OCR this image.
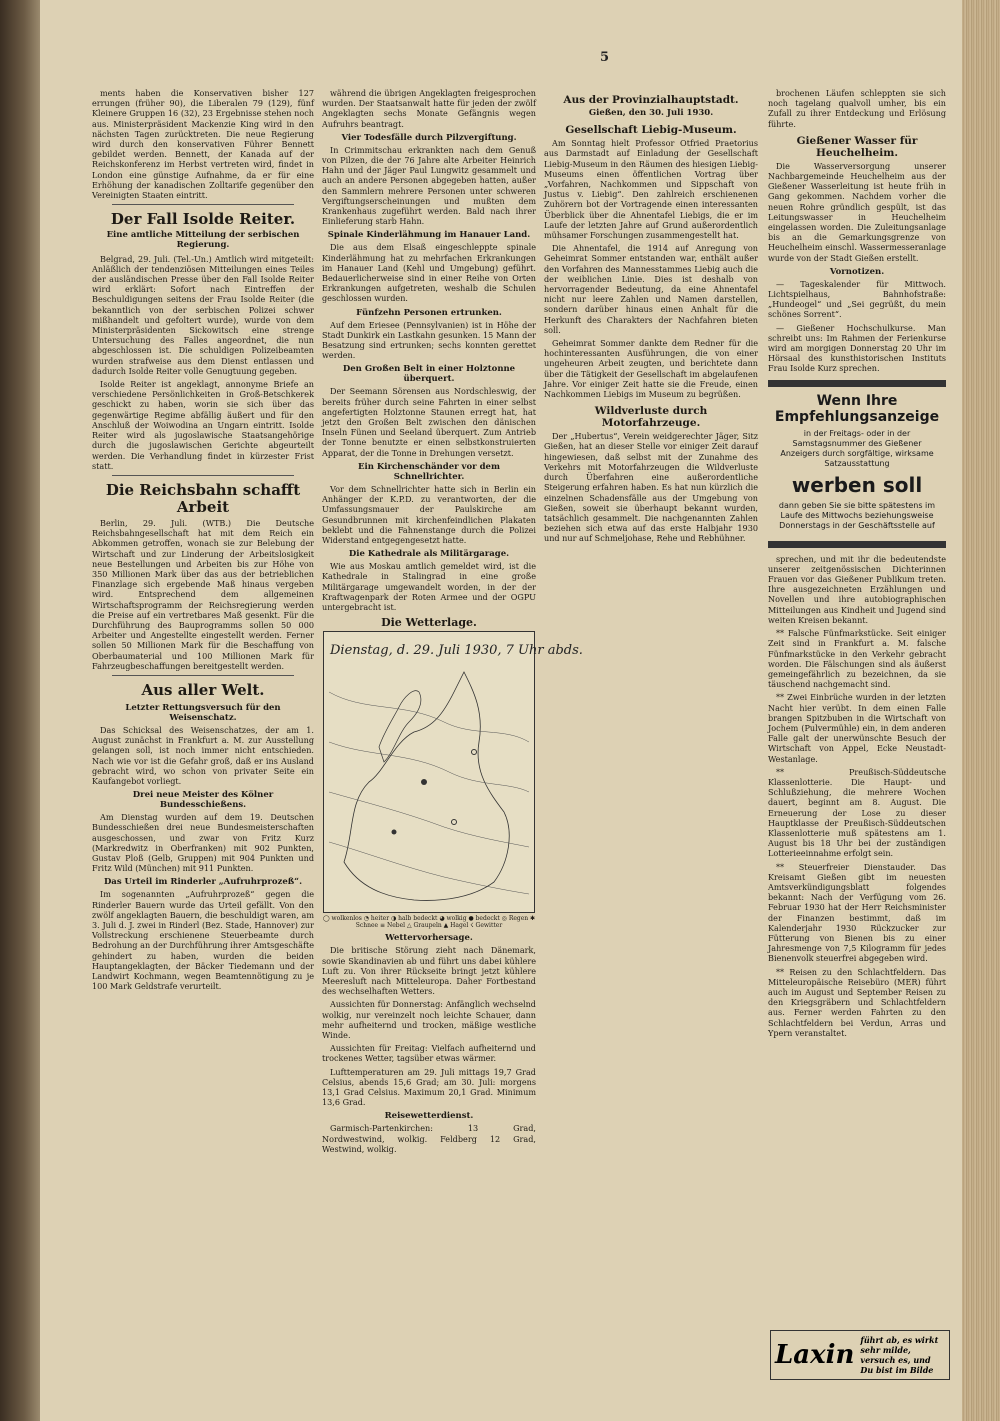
5

ments haben die Konservativen bisher 127 errungen (früher 90), die Liberalen 79 (129), fünf Kleinere Gruppen 16 (32), 23 Ergebnisse stehen noch aus. Ministerpräsident Mackenzie King wird in den nächsten Tagen zurücktreten. Die neue Regierung wird durch den konservativen Führer Bennett gebildet werden. Bennett, der Kanada auf der Reichskonferenz im Herbst vertreten wird, findet in London eine günstige Aufnahme, da er für eine Erhöhung der kanadischen Zolltarife gegenüber den Vereinigten Staaten eintritt.

Der Fall Isolde Reiter.
Eine amtliche Mitteilung der serbischen Regierung.

Belgrad, 29. Juli. (Tel.-Un.) Amtlich wird mitgeteilt: Anläßlich der tendenziösen Mitteilungen eines Teiles der ausländischen Presse über den Fall Isolde Reiter wird erklärt: Sofort nach Eintreffen der Beschuldigungen seitens der Frau Isolde Reiter (die bekanntlich von der serbischen Polizei schwer mißhandelt und gefoltert wurde), wurde von dem Ministerpräsidenten Sickowitsch eine strenge Untersuchung des Falles angeordnet, die nun abgeschlossen ist. Die schuldigen Polizeibeamten wurden strafweise aus dem Dienst entlassen und dadurch Isolde Reiter volle Genugtuung gegeben.

Isolde Reiter ist angeklagt, annonyme Briefe an verschiedene Persönlichkeiten in Groß-Betschkerek geschickt zu haben, worin sie sich über das gegenwärtige Regime abfällig äußert und für den Anschluß der Woiwodina an Ungarn eintritt. Isolde Reiter wird als jugoslawische Staatsangehörige durch die jugoslawischen Gerichte abgeurteilt werden. Die Verhandlung findet in kürzester Frist statt.

Die Reichsbahn schafft Arbeit

Berlin, 29. Juli. (WTB.) Die Deutsche Reichsbahngesellschaft hat mit dem Reich ein Abkommen getroffen, wonach sie zur Belebung der Wirtschaft und zur Linderung der Arbeitslosigkeit neue Bestellungen und Arbeiten bis zur Höhe von 350 Millionen Mark über das aus der betrieblichen Finanzlage sich ergebende Maß hinaus vergeben wird. Entsprechend dem allgemeinen Wirtschaftsprogramm der Reichsregierung werden die Preise auf ein vertretbares Maß gesenkt. Für die Durchführung des Bauprogramms sollen 50 000 Arbeiter und Angestellte eingestellt werden. Ferner sollen 50 Millionen Mark für die Beschaffung von Oberbaumaterial und 100 Millionen Mark für Fahrzeugbeschaffungen bereitgestellt werden.

Aus aller Welt.
Letzter Rettungsversuch für den Weisenschatz.

Das Schicksal des Weisenschatzes, der am 1. August zunächst in Frankfurt a. M. zur Ausstellung gelangen soll, ist noch immer nicht entschieden. Nach wie vor ist die Gefahr groß, daß er ins Ausland gebracht wird, wo schon von privater Seite ein Kaufangebot vorliegt.

Drei neue Meister des Kölner Bundesschießens.

Am Dienstag wurden auf dem 19. Deutschen Bundesschießen drei neue Bundesmeisterschaften ausgeschossen, und zwar von Fritz Kurz (Markredwitz in Oberfranken) mit 902 Punkten, Gustav Ploß (Gelb, Gruppen) mit 904 Punkten und Fritz Wild (München) mit 911 Punkten.

Das Urteil im Rinderler „Aufruhrprozeß“.

Im sogenannten „Aufruhrprozeß“ gegen die Rinderler Bauern wurde das Urteil gefällt. Von den zwölf angeklagten Bauern, die beschuldigt waren, am 3. Juli d. J. zwei in Rinderl (Bez. Stade, Hannover) zur Vollstreckung erschienene Steuerbeamte durch Bedrohung an der Durchführung ihrer Amtsgeschäfte gehindert zu haben, wurden die beiden Hauptangeklagten, der Bäcker Tiedemann und der Landwirt Kochmann, wegen Beamtennötigung zu je 100 Mark Geldstrafe verurteilt.

während die übrigen Angeklagten freigesprochen wurden. Der Staatsanwalt hatte für jeden der zwölf Angeklagten sechs Monate Gefängnis wegen Aufruhrs beantragt.

Vier Todesfälle durch Pilzvergiftung.

In Crimmitschau erkrankten nach dem Genuß von Pilzen, die der 76 Jahre alte Arbeiter Heinrich Hahn und der Jäger Paul Lungwitz gesammelt und auch an andere Personen abgegeben hatten, außer den Sammlern mehrere Personen unter schweren Vergiftungserscheinungen und mußten dem Krankenhaus zugeführt werden. Bald nach ihrer Einlieferung starb Hahn.

Spinale Kinderlähmung im Hanauer Land.

Die aus dem Elsaß eingeschleppte spinale Kinderlähmung hat zu mehrfachen Erkrankungen im Hanauer Land (Kehl und Umgebung) geführt. Bedauerlicherweise sind in einer Reihe von Orten Erkrankungen aufgetreten, weshalb die Schulen geschlossen wurden.

Fünfzehn Personen ertrunken.

Auf dem Eriesee (Pennsylvanien) ist in Höhe der Stadt Dunkirk ein Lastkahn gesunken. 15 Mann der Besatzung sind ertrunken; sechs konnten gerettet werden.

Den Großen Belt in einer Holztonne überquert.

Der Seemann Sörensen aus Nordschleswig, der bereits früher durch seine Fahrten in einer selbst angefertigten Holztonne Staunen erregt hat, hat jetzt den Großen Belt zwischen den dänischen Inseln Fünen und Seeland überquert. Zum Antrieb der Tonne benutzte er einen selbstkonstruierten Apparat, der die Tonne in Drehungen versetzt.

Ein Kirchenschänder vor dem Schnellrichter.

Vor dem Schnellrichter hatte sich in Berlin ein Anhänger der K.P.D. zu verantworten, der die Umfassungsmauer der Paulskirche am Gesundbrunnen mit kirchenfeindlichen Plakaten beklebt und die Fahnenstange durch die Polizei Widerstand entgegengesetzt hatte.

Die Kathedrale als Militärgarage.

Wie aus Moskau amtlich gemeldet wird, ist die Kathedrale in Stalingrad in eine große Militärgarage umgewandelt worden, in der der Kraftwagenpark der Roten Armee und der OGPU untergebracht ist.

Die Wetterlage.
Dienstag, d. 29. Juli 1930, 7 Uhr abds.
◯ wolkenlos ◔ heiter ◑ halb bedeckt ◕ wolkig ● bedeckt ◎ Regen ✱ Schnee ≡ Nebel △ Graupeln ▲ Hagel ☇ Gewitter
Wettervorhersage.

Die britische Störung zieht nach Dänemark, sowie Skandinavien ab und führt uns dabei kühlere Luft zu. Von ihrer Rückseite bringt jetzt kühlere Meeresluft nach Mitteleuropa. Daher Fortbestand des wechselhaften Wetters.

Aussichten für Donnerstag: Anfänglich wechselnd wolkig, nur vereinzelt noch leichte Schauer, dann mehr aufheiternd und trocken, mäßige westliche Winde.

Aussichten für Freitag: Vielfach aufheiternd und trockenes Wetter, tagsüber etwas wärmer.

Lufttemperaturen am 29. Juli mittags 19,7 Grad Celsius, abends 15,6 Grad; am 30. Juli: morgens 13,1 Grad Celsius. Maximum 20,1 Grad. Minimum 13,6 Grad.

Reisewetterdienst.

Garmisch-Partenkirchen: 13 Grad, Nordwestwind, wolkig. Feldberg 12 Grad, Westwind, wolkig.

Aus der Provinzialhauptstadt.
Gießen, den 30. Juli 1930.
Gesellschaft Liebig-Museum.

Am Sonntag hielt Professor Otfried Praetorius aus Darmstadt auf Einladung der Gesellschaft Liebig-Museum in den Räumen des hiesigen Liebig-Museums einen öffentlichen Vortrag über „Vorfahren, Nachkommen und Sippschaft von Justus v. Liebig“. Den zahlreich erschienenen Zuhörern bot der Vortragende einen interessanten Überblick über die Ahnentafel Liebigs, die er im Laufe der letzten Jahre auf Grund außerordentlich mühsamer Forschungen zusammengestellt hat.

Die Ahnentafel, die 1914 auf Anregung von Geheimrat Sommer entstanden war, enthält außer den Vorfahren des Mannesstammes Liebig auch die der weiblichen Linie. Dies ist deshalb von hervorragender Bedeutung, da eine Ahnentafel nicht nur leere Zahlen und Namen darstellen, sondern darüber hinaus einen Anhalt für die Herkunft des Charakters der Nachfahren bieten soll.

Geheimrat Sommer dankte dem Redner für die hochinteressanten Ausführungen, die von einer ungeheuren Arbeit zeugten, und berichtete dann über die Tätigkeit der Gesellschaft im abgelaufenen Jahre. Vor einiger Zeit hatte sie die Freude, einen Nachkommen Liebigs im Museum zu begrüßen.

Wildverluste durch Motorfahrzeuge.

Der „Hubertus“, Verein weidgerechter Jäger, Sitz Gießen, hat an dieser Stelle vor einiger Zeit darauf hingewiesen, daß selbst mit der Zunahme des Verkehrs mit Motorfahrzeugen die Wildverluste durch Überfahren eine außerordentliche Steigerung erfahren haben. Es hat nun kürzlich die einzelnen Schadensfälle aus der Umgebung von Gießen, soweit sie überhaupt bekannt wurden, tatsächlich gesammelt. Die nachgenannten Zahlen beziehen sich etwa auf das erste Halbjahr 1930 und nur auf Schmeljohase, Rehe und Rebhühner.

brochenen Läufen schleppten sie sich noch tagelang qualvoll umher, bis ein Zufall zu ihrer Entdeckung und Erlösung führte.

Gießener Wasser für Heuchelheim.

Die Wasserversorgung unserer Nachbargemeinde Heuchelheim aus der Gießener Wasserleitung ist heute früh in Gang gekommen. Nachdem vorher die neuen Rohre gründlich gespült, ist das Leitungswasser in Heuchelheim eingelassen worden. Die Zuleitungsanlage bis an die Gemarkungsgrenze von Heuchelheim einschl. Wassermesseranlage wurde von der Stadt Gießen erstellt.

Vornotizen.

— Tageskalender für Mittwoch. Lichtspielhaus, Bahnhofstraße: „Hundeogel“ und „Sei gegrüßt, du mein schönes Sorrent“.

— Gießener Hochschulkurse. Man schreibt uns: Im Rahmen der Ferienkurse wird am morgigen Donnerstag 20 Uhr im Hörsaal des kunsthistorischen Instituts Frau Isolde Kurz sprechen.

Wenn Ihre Empfehlungsanzeige
in der Freitags- oder in der Samstagsnummer des Gießener Anzeigers durch sorgfältige, wirksame Satzausstattung
werben soll
dann geben Sie sie bitte spätestens im Laufe des Mittwochs beziehungsweise Donnerstags in der Geschäftsstelle auf

sprechen, und mit ihr die bedeutendste unserer zeitgenössischen Dichterinnen Frauen vor das Gießener Publikum treten. Ihre ausgezeichneten Erzählungen und Novellen und ihre autobiographischen Mitteilungen aus Kindheit und Jugend sind weiten Kreisen bekannt.

** Falsche Fünfmarkstücke. Seit einiger Zeit sind in Frankfurt a. M. falsche Fünfmarkstücke in den Verkehr gebracht worden. Die Fälschungen sind als äußerst gemeingefährlich zu bezeichnen, da sie täuschend nachgemacht sind.

** Zwei Einbrüche wurden in der letzten Nacht hier verübt. In dem einen Falle brangen Spitzbuben in die Wirtschaft von Jochem (Pulvermühle) ein, in dem anderen Falle galt der unerwünschte Besuch der Wirtschaft von Appel, Ecke Neustadt-Westanlage.

** Preußisch-Süddeutsche Klassenlotterie. Die Haupt- und Schlußziehung, die mehrere Wochen dauert, beginnt am 8. August. Die Erneuerung der Lose zu dieser Hauptklasse der Preußisch-Süddeutschen Klassenlotterie muß spätestens am 1. August bis 18 Uhr bei der zuständigen Lotterieeinnahme erfolgt sein.

** Steuerfreier Dienstauder. Das Kreisamt Gießen gibt im neuesten Amtsverkündigungsblatt folgendes bekannt: Nach der Verfügung vom 26. Februar 1930 hat der Herr Reichsminister der Finanzen bestimmt, daß im Kalenderjahr 1930 Rückzucker zur Fütterung von Bienen bis zu einer Jahresmenge von 7,5 Kilogramm für jedes Bienenvolk steuerfrei abgegeben wird.

** Reisen zu den Schlachtfeldern. Das Mitteleuropäische Reisebüro (MER) führt auch im August und September Reisen zu den Kriegsgräbern und Schlachtfeldern aus. Ferner werden Fahrten zu den Schlachtfeldern bei Verdun, Arras und Ypern veranstaltet.

Laxin führt ab, es wirkt sehr milde, versuch es, und Du bist im Bilde
